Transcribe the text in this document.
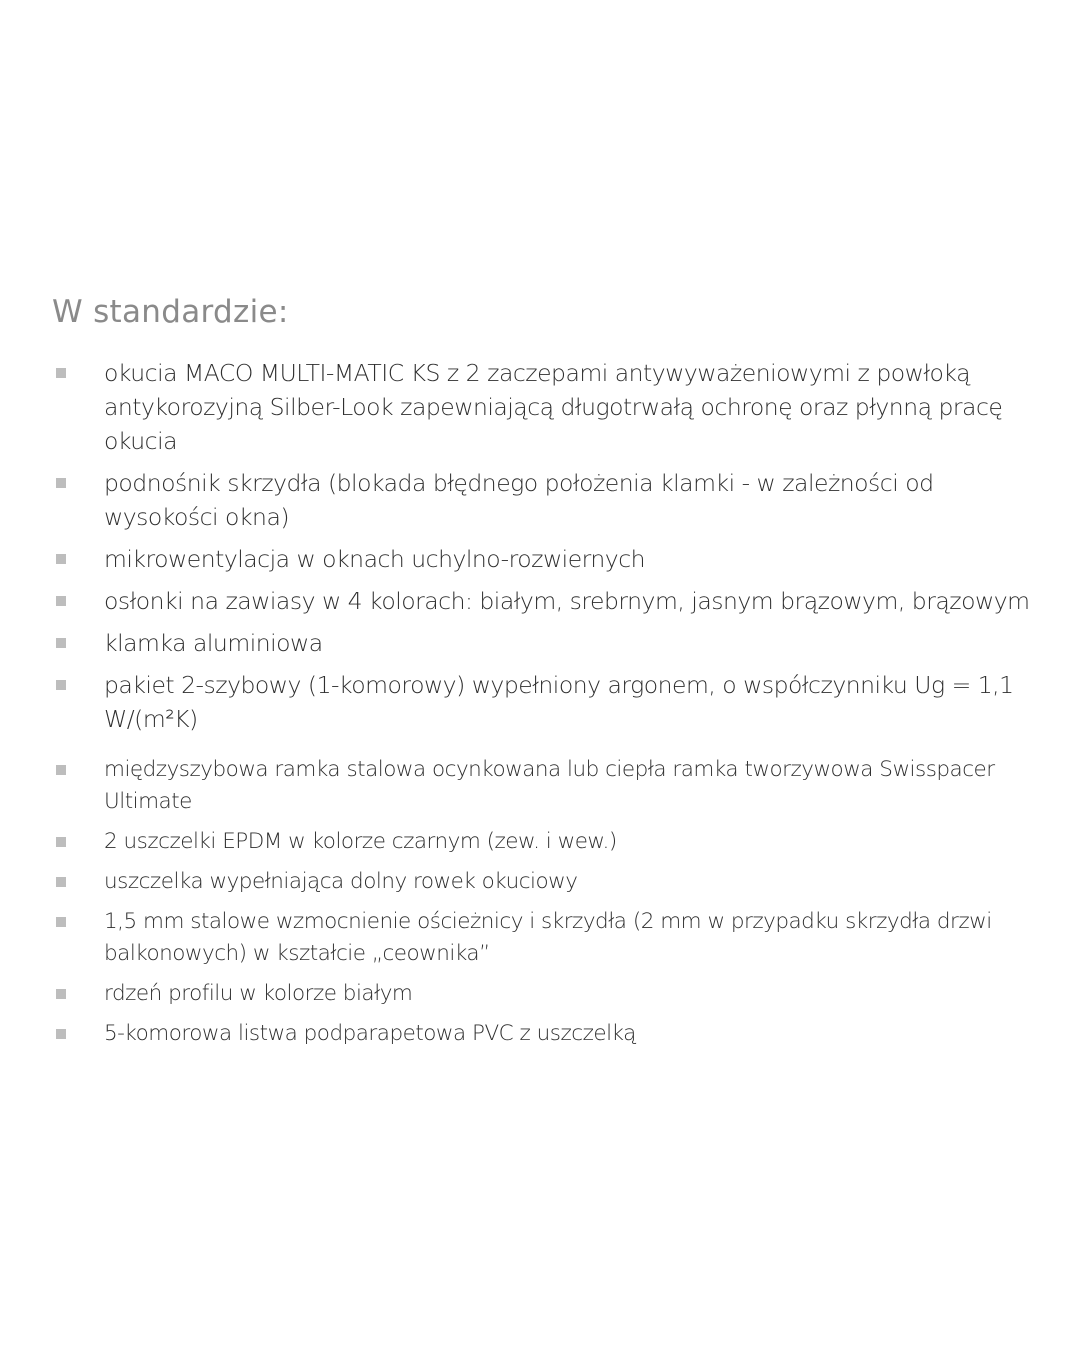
W standardzie:
okucia MACO MULTI-MATIC KS z 2 zaczepami antywyważeniowymi z powłoką antykorozyjną Silber-Look zapewniającą długotrwałą ochronę oraz płynną pracę okucia
podnośnik skrzydła (blokada błędnego położenia klamki - w zależności od wysokości okna)
mikrowentylacja w oknach uchylno-rozwiernych
osłonki na zawiasy w 4 kolorach: białym, srebrnym, jasnym brązowym, brązowym
klamka aluminiowa
pakiet 2-szybowy (1-komorowy) wypełniony argonem, o współczynniku Ug = 1,1 W/(m²K)
międzyszybowa ramka stalowa ocynkowana lub ciepła ramka tworzywowa Swisspacer Ultimate
2 uszczelki EPDM w kolorze czarnym (zew. i wew.)
uszczelka wypełniająca dolny rowek okuciowy
1,5 mm stalowe wzmocnienie ościeżnicy i skrzydła (2 mm w przypadku skrzydła drzwi balkonowych) w kształcie „ceownika”
rdzeń profilu w kolorze białym
5-komorowa listwa podparapetowa PVC z uszczelką
